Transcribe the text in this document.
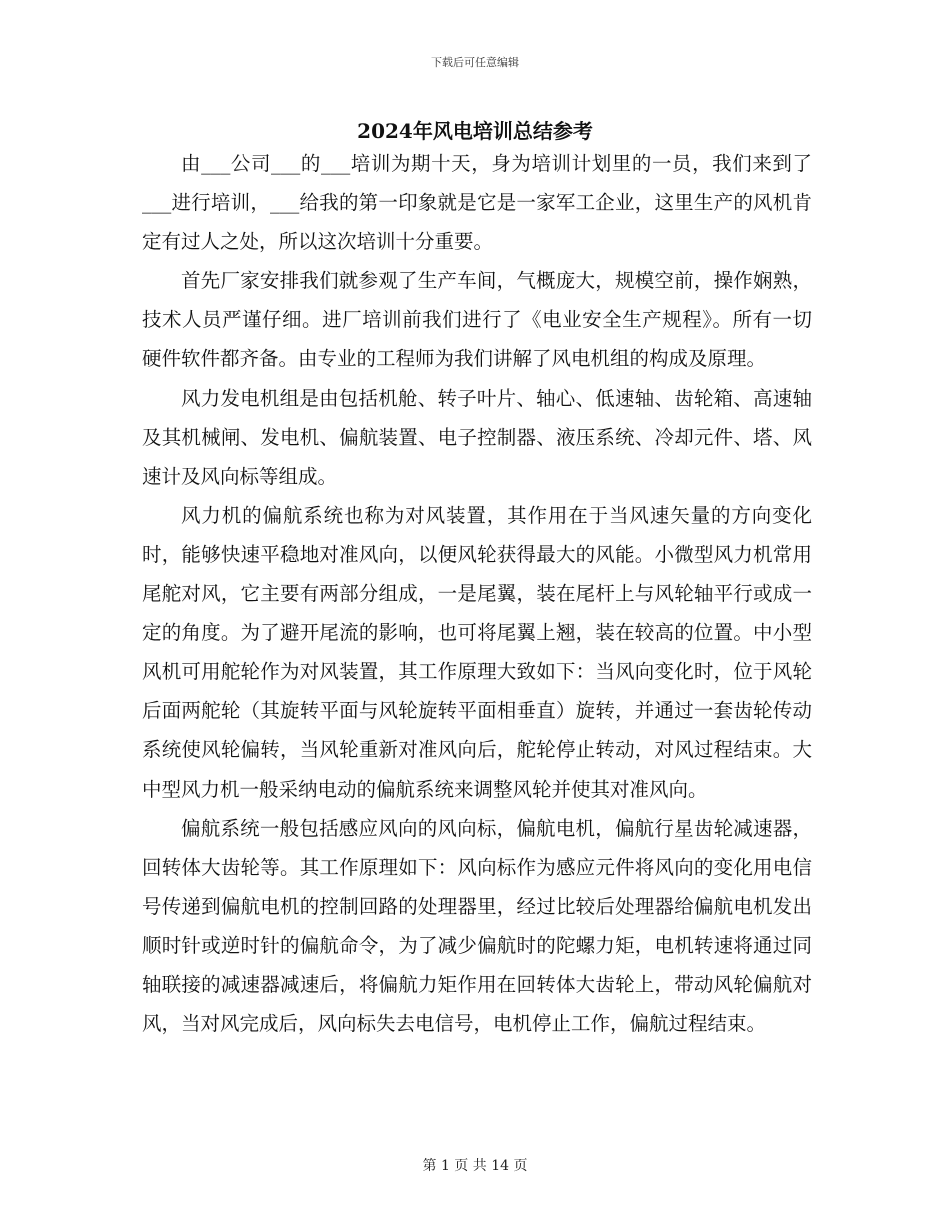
下载后可任意编辑
2024年风电培训总结参考

由___公司___的___培训为期十天，身为培训计划里的一员，我们来到了___进行培训，___给我的第一印象就是它是一家军工企业，这里生产的风机肯定有过人之处，所以这次培训十分重要。

首先厂家安排我们就参观了生产车间，气概庞大，规模空前，操作娴熟，技术人员严谨仔细。进厂培训前我们进行了《电业安全生产规程》。所有一切硬件软件都齐备。由专业的工程师为我们讲解了风电机组的构成及原理。

风力发电机组是由包括机舱、转子叶片、轴心、低速轴、齿轮箱、高速轴及其机械闸、发电机、偏航装置、电子控制器、液压系统、冷却元件、塔、风速计及风向标等组成。

风力机的偏航系统也称为对风装置，其作用在于当风速矢量的方向变化时，能够快速平稳地对准风向，以便风轮获得最大的风能。小微型风力机常用尾舵对风，它主要有两部分组成，一是尾翼，装在尾杆上与风轮轴平行或成一定的角度。为了避开尾流的影响，也可将尾翼上翘，装在较高的位置。中小型风机可用舵轮作为对风装置，其工作原理大致如下：当风向变化时，位于风轮后面两舵轮（其旋转平面与风轮旋转平面相垂直）旋转，并通过一套齿轮传动系统使风轮偏转，当风轮重新对准风向后，舵轮停止转动，对风过程结束。大中型风力机一般采纳电动的偏航系统来调整风轮并使其对准风向。

偏航系统一般包括感应风向的风向标，偏航电机，偏航行星齿轮减速器，回转体大齿轮等。其工作原理如下：风向标作为感应元件将风向的变化用电信号传递到偏航电机的控制回路的处理器里，经过比较后处理器给偏航电机发出顺时针或逆时针的偏航命令，为了减少偏航时的陀螺力矩，电机转速将通过同轴联接的减速器减速后，将偏航力矩作用在回转体大齿轮上，带动风轮偏航对风，当对风完成后，风向标失去电信号，电机停止工作，偏航过程结束。

第 1 页 共 14 页
